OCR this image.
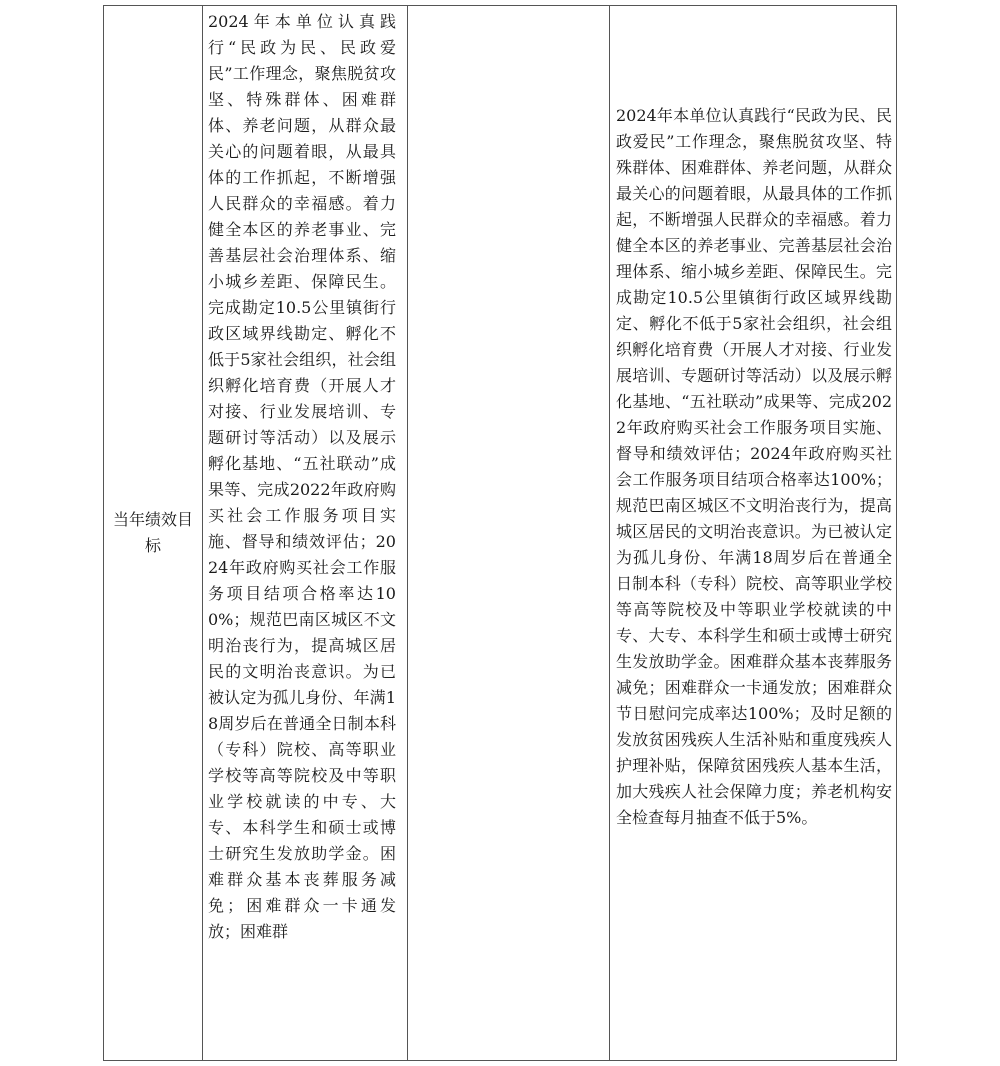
当年绩效目标
2024年本单位认真践行“民政为民、民政爱民”工作理念，聚焦脱贫攻坚、特殊群体、困难群体、养老问题，从群众最关心的问题着眼，从最具体的工作抓起，不断增强人民群众的幸福感。着力健全本区的养老事业、完善基层社会治理体系、缩小城乡差距、保障民生。完成勘定10.5公里镇街行政区域界线勘定、孵化不低于5家社会组织，社会组织孵化培育费（开展人才对接、行业发展培训、专题研讨等活动）以及展示孵化基地、“五社联动”成果等、完成2022年政府购买社会工作服务项目实施、督导和绩效评估；2024年政府购买社会工作服务项目结项合格率达100%；规范巴南区城区不文明治丧行为，提高城区居民的文明治丧意识。为已被认定为孤儿身份、年满18周岁后在普通全日制本科（专科）院校、高等职业学校等高等院校及中等职业学校就读的中专、大专、本科学生和硕士或博士研究生发放助学金。困难群众基本丧葬服务减免；困难群众一卡通发放；困难群
2024年本单位认真践行“民政为民、民政爱民”工作理念，聚焦脱贫攻坚、特殊群体、困难群体、养老问题，从群众最关心的问题着眼，从最具体的工作抓起，不断增强人民群众的幸福感。着力健全本区的养老事业、完善基层社会治理体系、缩小城乡差距、保障民生。完成勘定10.5公里镇街行政区域界线勘定、孵化不低于5家社会组织，社会组织孵化培育费（开展人才对接、行业发展培训、专题研讨等活动）以及展示孵化基地、“五社联动”成果等、完成2022年政府购买社会工作服务项目实施、督导和绩效评估；2024年政府购买社会工作服务项目结项合格率达100%；规范巴南区城区不文明治丧行为，提高城区居民的文明治丧意识。为已被认定为孤儿身份、年满18周岁后在普通全日制本科（专科）院校、高等职业学校等高等院校及中等职业学校就读的中专、大专、本科学生和硕士或博士研究生发放助学金。困难群众基本丧葬服务减免；困难群众一卡通发放；困难群众节日慰问完成率达100%；及时足额的发放贫困残疾人生活补贴和重度残疾人护理补贴，保障贫困残疾人基本生活，加大残疾人社会保障力度；养老机构安全检查每月抽查不低于5%。
